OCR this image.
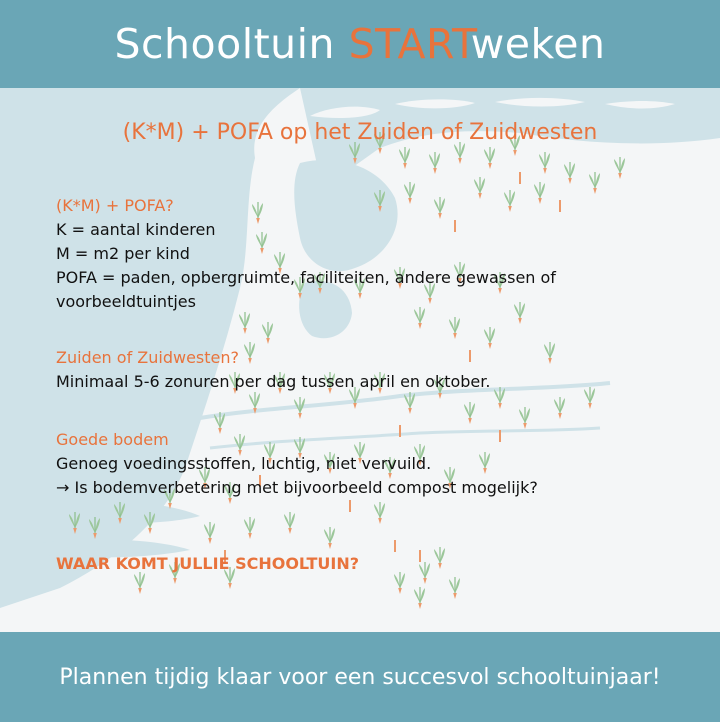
Schooltuin STARTweken
(K*M) + POFA op het Zuiden of Zuidwesten
(K*M) + POFA?
K = aantal kinderen
M = m2 per kind
POFA = paden, opbergruimte, faciliteiten, andere gewassen of
voorbeeldtuintjes
Zuiden of Zuidwesten?
Minimaal 5-6 zonuren per dag tussen april en oktober.
Goede bodem
Genoeg voedingsstoffen, luchtig, niet vervuild.
→ Is bodemverbetering met bijvoorbeeld compost mogelijk?
WAAR KOMT JULLIE SCHOOLTUIN?
Plannen tijdig klaar voor een succesvol schooltuinjaar!
